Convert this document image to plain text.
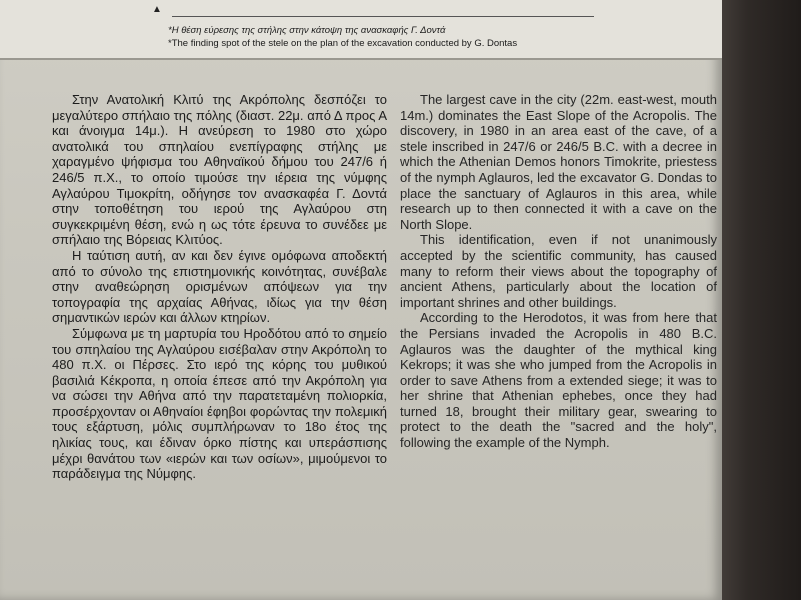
▲
*Η θέση εύρεσης της στήλης στην κάτοψη της ανασκαφής Γ. Δοντά
*The finding spot of the stele on the plan of the excavation conducted by G. Dontas

Στην Ανατολική Κλιτύ της Ακρόπολης δεσπόζει το μεγαλύτερο σπήλαιο της πόλης (διαστ. 22μ. από Δ προς Α και άνοιγμα 14μ.). Η ανεύρεση το 1980 στο χώρο ανατολικά του σπηλαίου ενεπίγραφης στήλης με χαραγμένο ψήφισμα του Αθηναϊκού δήμου του 247/6 ή 246/5 π.Χ., το οποίο τιμούσε την ιέρεια της νύμφης Αγλαύρου Τιμοκρίτη, οδήγησε τον ανασκαφέα Γ. Δοντά στην τοποθέτηση του ιερού της Αγλαύρου στη συγκεκριμένη θέση, ενώ η ως τότε έρευνα το συνέδεε με σπήλαιο της Βόρειας Κλιτύος.

Η ταύτιση αυτή, αν και δεν έγινε ομόφωνα αποδεκτή από το σύνολο της επιστημονικής κοινότητας, συνέβαλε στην αναθεώρηση ορισμένων απόψεων για την τοπογραφία της αρχαίας Αθήνας, ιδίως για την θέση σημαντικών ιερών και άλλων κτηρίων.

Σύμφωνα με τη μαρτυρία του Ηροδότου από το σημείο του σπηλαίου της Αγλαύρου εισέβαλαν στην Ακρόπολη το 480 π.Χ. οι Πέρσες. Στο ιερό της κόρης του μυθικού βασιλιά Κέκροπα, η οποία έπεσε από την Ακρόπολη για να σώσει την Αθήνα από την παρατεταμένη πολιορκία, προσέρχονταν οι Αθηναίοι έφηβοι φορώντας την πολεμική τους εξάρτυση, μόλις συμπλήρωναν το 18ο έτος της ηλικίας τους, και έδιναν όρκο πίστης και υπεράσπισης μέχρι θανάτου των «ιερών και των οσίων», μιμούμενοι το παράδειγμα της Νύμφης.

The largest cave in the city (22m. east-west, mouth 14m.) dominates the East Slope of the Acropolis. The discovery, in 1980 in an area east of the cave, of a stele inscribed in 247/6 or 246/5 B.C. with a decree in which the Athenian Demos honors Timokrite, priestess of the nymph Aglauros, led the excavator G. Dondas to place the sanctuary of Aglauros in this area, while research up to then connected it with a cave on the North Slope.

This identification, even if not unanimously accepted by the scientific community, has caused many to reform their views about the topography of ancient Athens, particularly about the location of important shrines and other buildings.

According to the Herodotos, it was from here that the Persians invaded the Acropolis in 480 B.C. Aglauros was the daughter of the mythical king Kekrops; it was she who jumped from the Acropolis in order to save Athens from a extended siege; it was to her shrine that Athenian ephebes, once they had turned 18, brought their military gear, swearing to protect to the death the "sacred and the holy", following the example of the Nymph.
